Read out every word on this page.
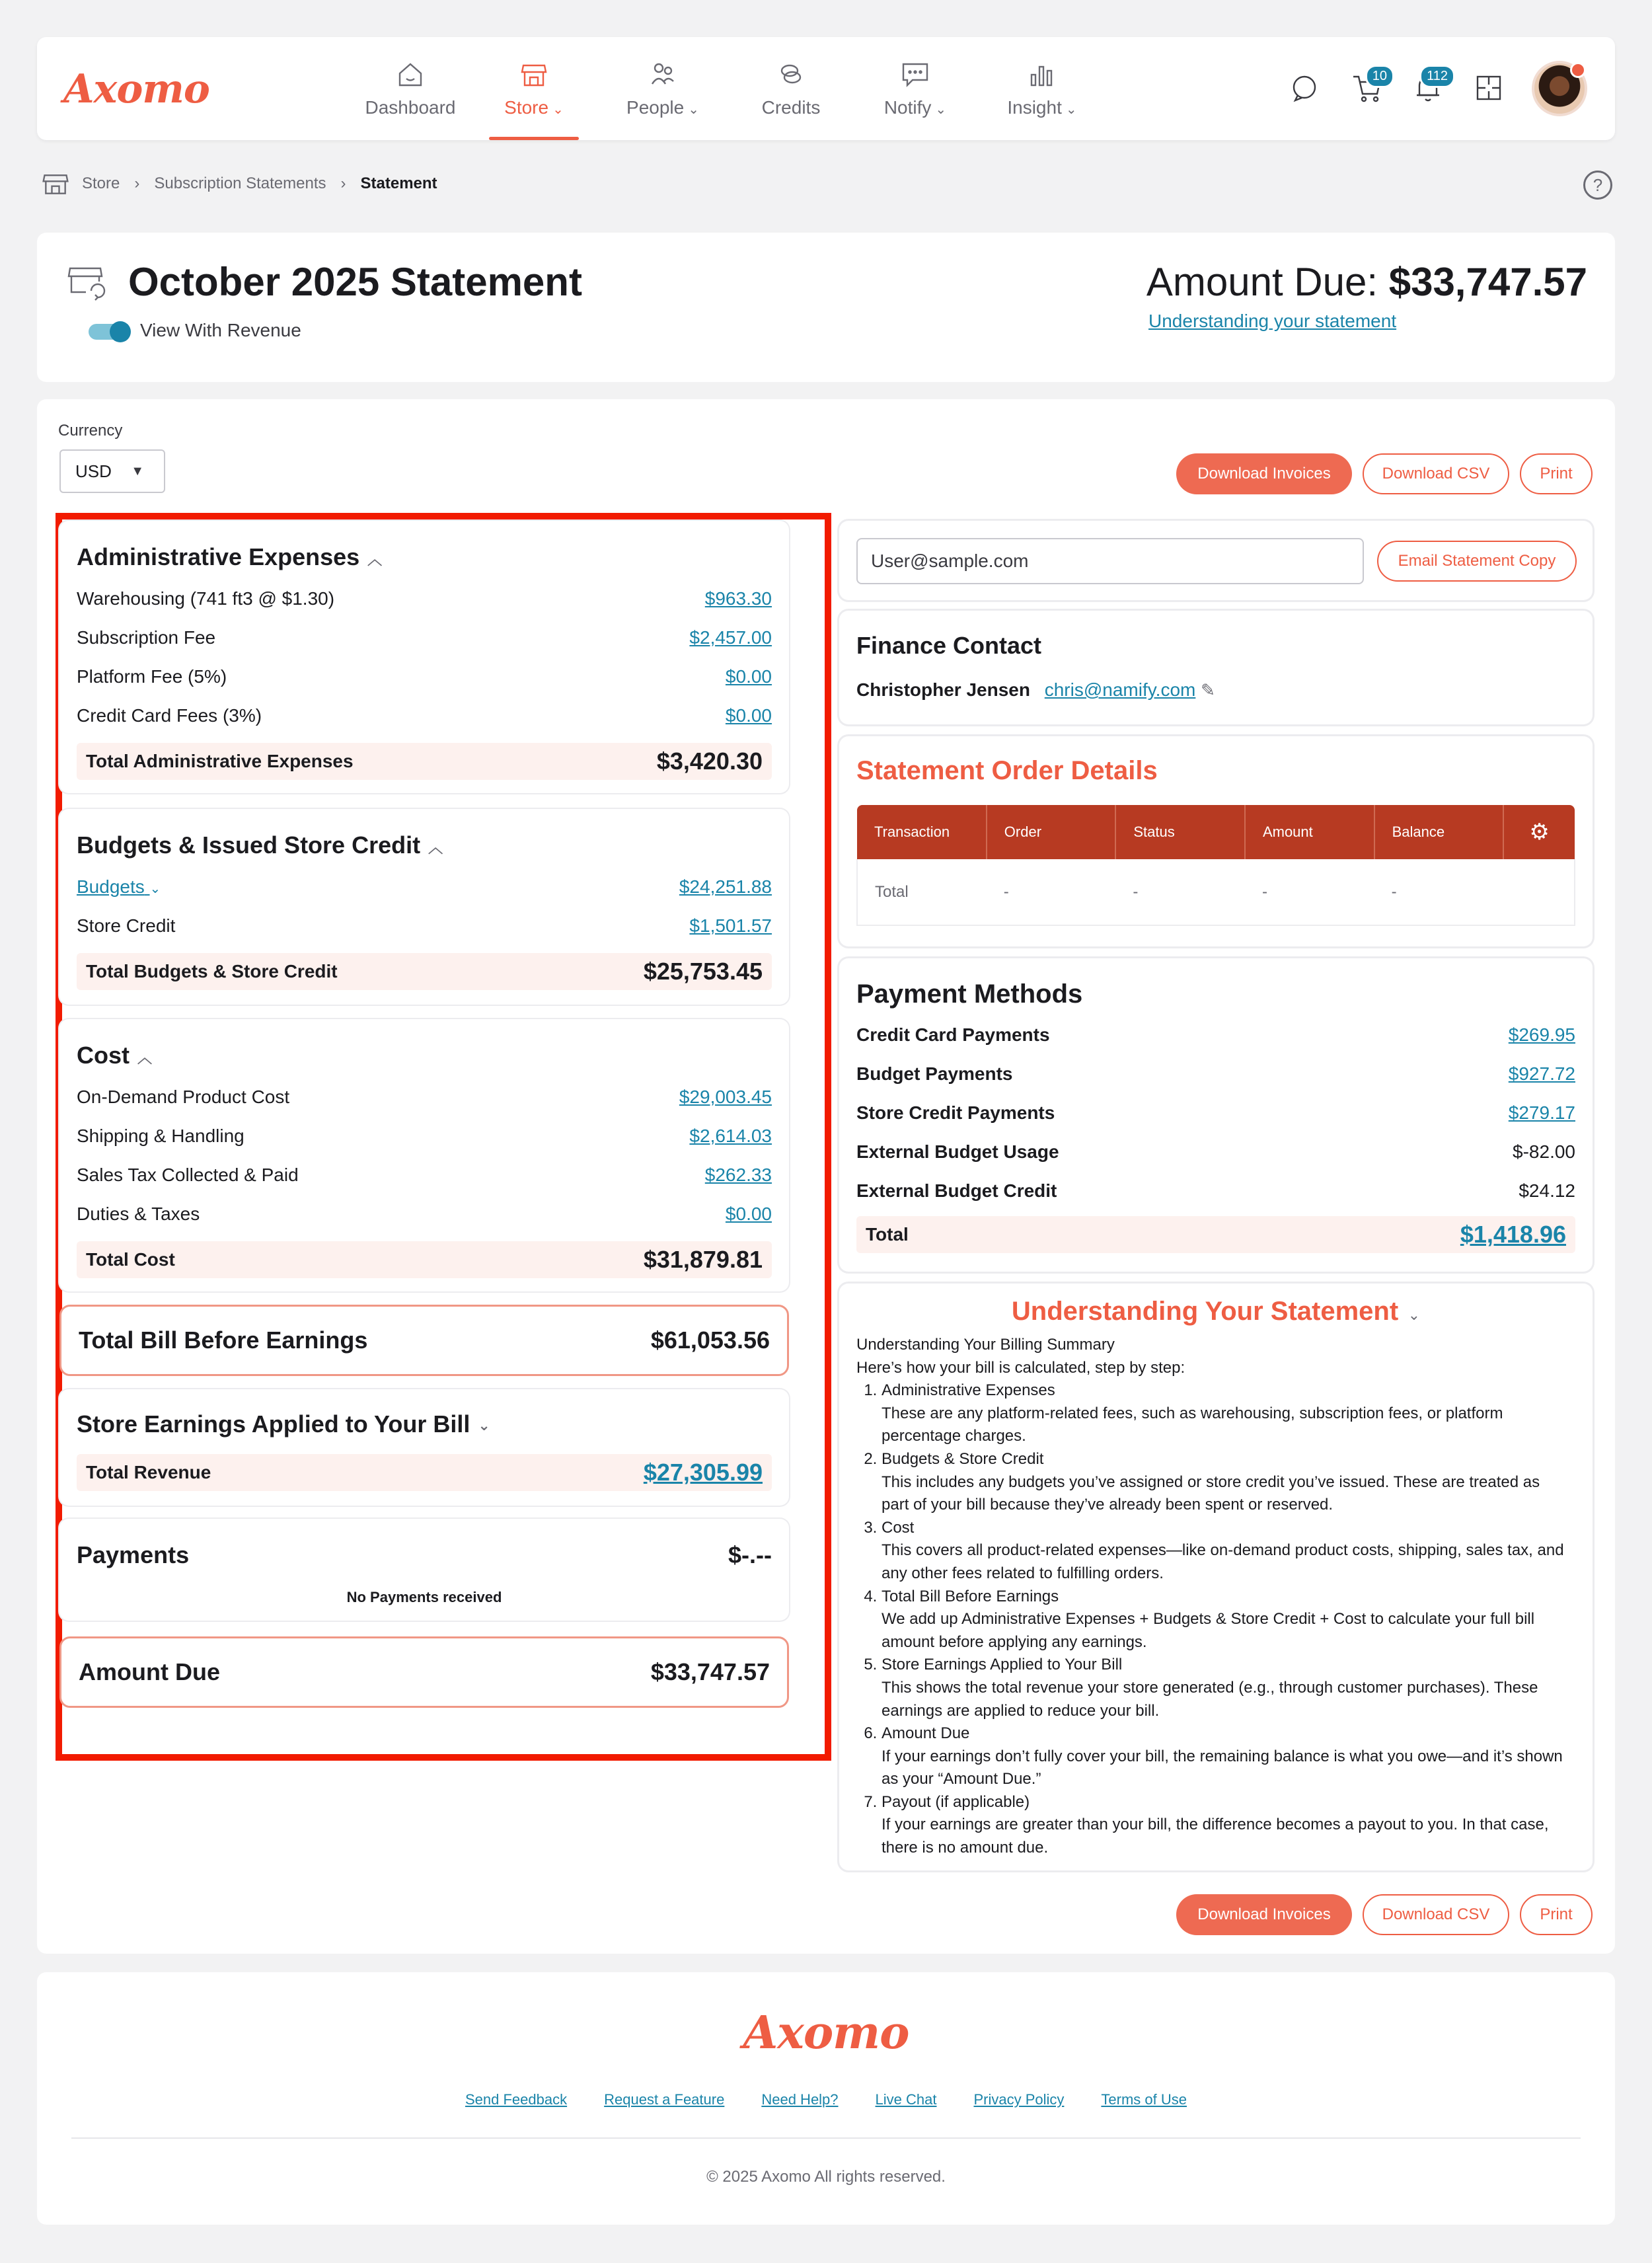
Axomo	Dashboard	Store ⌄	People ⌄	Credits	Notify ⌄	Insight ⌄
10	112
Store › Subscription Statements › Statement	?
October 2025 Statement
View With Revenue
Amount Due: $33,747.57
Understanding your statement
Currency
USD ▼	Download Invoices	Download CSV	Print
Administrative Expenses ︿
Warehousing (741 ft3 @ $1.30)	$963.30
Subscription Fee	$2,457.00
Platform Fee (5%)	$0.00
Credit Card Fees (3%)	$0.00
Total Administrative Expenses	$3,420.30
Budgets & Issued Store Credit ︿
Budgets ⌄	$24,251.88
Store Credit	$1,501.57
Total Budgets & Store Credit	$25,753.45
Cost ︿
On-Demand Product Cost	$29,003.45
Shipping & Handling	$2,614.03
Sales Tax Collected & Paid	$262.33
Duties & Taxes	$0.00
Total Cost	$31,879.81
Total Bill Before Earnings	$61,053.56
Store Earnings Applied to Your Bill ⌄
Total Revenue	$27,305.99
Payments	$-.--
No Payments received
Amount Due	$33,747.57
User@sample.com	Email Statement Copy
Finance Contact
Christopher Jensen chris@namify.com ✎
Statement Order Details
Transaction	Order	Status	Amount	Balance	⚙
Total	-	-	-	-	
Payment Methods
Credit Card Payments	$269.95
Budget Payments	$927.72
Store Credit Payments	$279.17
External Budget Usage	$-82.00
External Budget Credit	$24.12
Total	$1,418.96
Understanding Your Statement ⌄
Understanding Your Billing Summary
Here’s how your bill is calculated, step by step:
1. Administrative Expenses
These are any platform-related fees, such as warehousing, subscription fees, or platform percentage charges.
2. Budgets & Store Credit
This includes any budgets you’ve assigned or store credit you’ve issued. These are treated as part of your bill because they’ve already been spent or reserved.
3. Cost
This covers all product-related expenses—like on-demand product costs, shipping, sales tax, and any other fees related to fulfilling orders.
4. Total Bill Before Earnings
We add up Administrative Expenses + Budgets & Store Credit + Cost to calculate your full bill amount before applying any earnings.
5. Store Earnings Applied to Your Bill
This shows the total revenue your store generated (e.g., through customer purchases). These earnings are applied to reduce your bill.
6. Amount Due
If your earnings don’t fully cover your bill, the remaining balance is what you owe—and it’s shown as your “Amount Due.”
7. Payout (if applicable)
If your earnings are greater than your bill, the difference becomes a payout to you. In that case, there is no amount due.
Download Invoices	Download CSV	Print
Axomo
Send Feedback	Request a Feature	Need Help?	Live Chat	Privacy Policy	Terms of Use
© 2025 Axomo All rights reserved.
